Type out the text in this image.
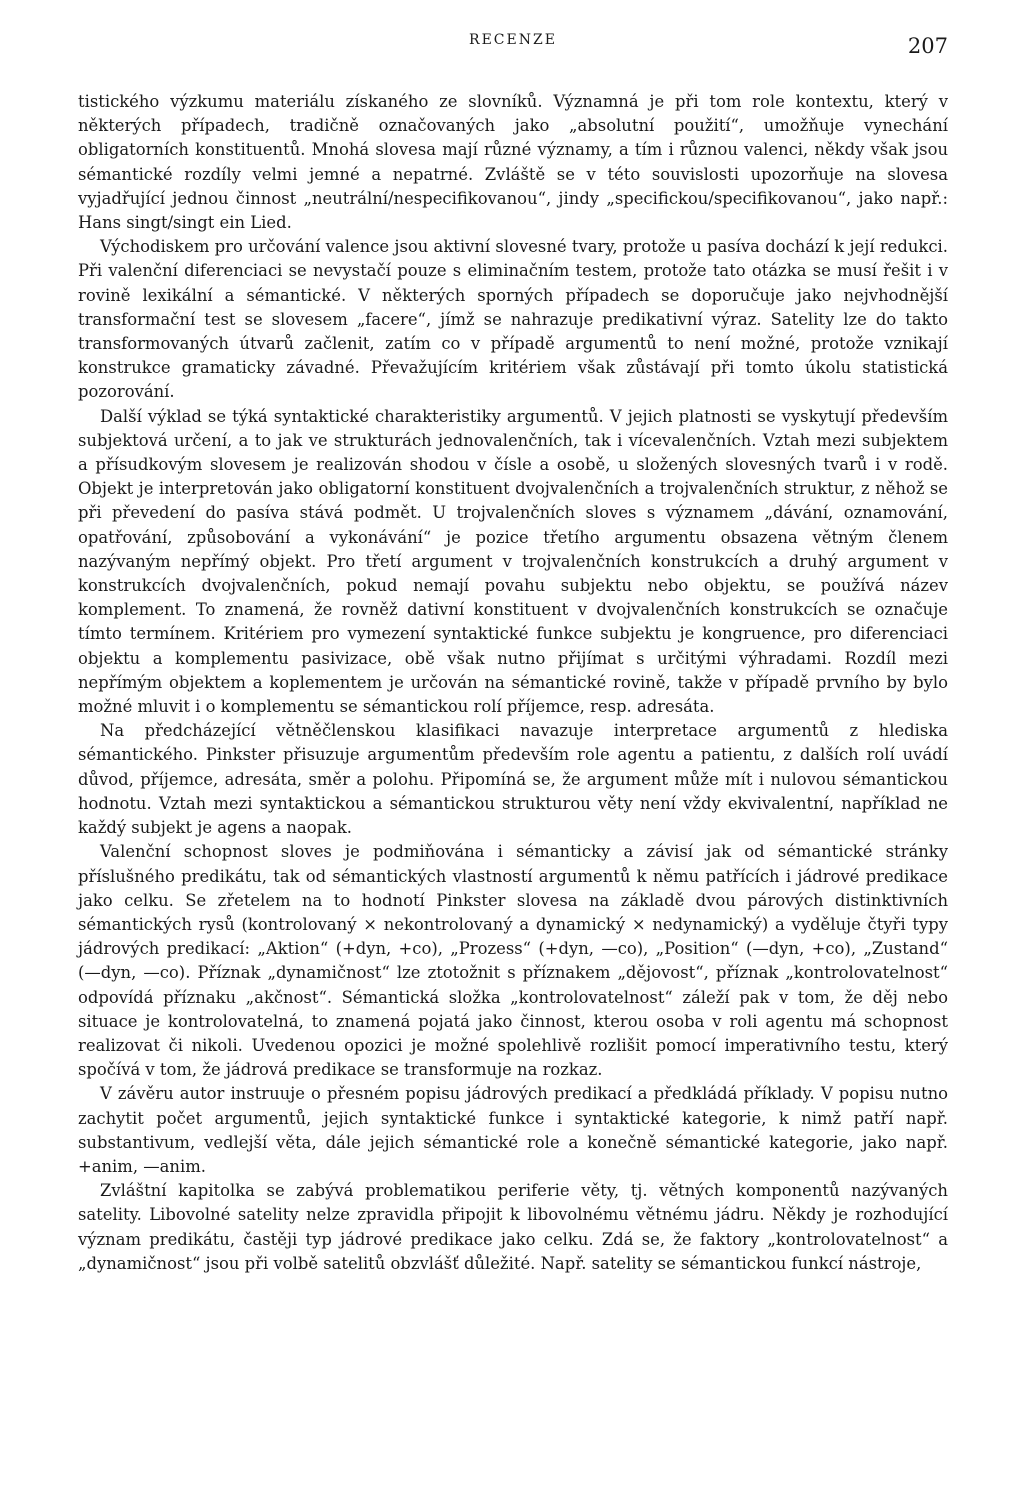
RECENZE	207

tistického výzkumu materiálu získaného ze slovníků. Významná je při tom role kontextu, který v některých případech, tradičně označovaných jako „absolutní použití“, umožňuje vynechání obligatorních konstituentů. Mnohá slovesa mají různé významy, a tím i různou valenci, někdy však jsou sémantické rozdíly velmi jemné a nepatrné. Zvláště se v této souvislosti upozorňuje na slovesa vyjadřující jednou činnost „neutrální/nespecifikovanou“, jindy „specifickou/specifikovanou“, jako např.: Hans singt/singt ein Lied.

Východiskem pro určování valence jsou aktivní slovesné tvary, protože u pasíva dochází k její redukci. Při valenční diferenciaci se nevystačí pouze s eliminačním testem, protože tato otázka se musí řešit i v rovině lexikální a sémantické. V některých sporných případech se doporučuje jako nejvhodnější transformační test se slovesem „facere“, jímž se nahrazuje predikativní výraz. Satelity lze do takto transformovaných útvarů začlenit, zatím co v případě argumentů to není možné, protože vznikají konstrukce gramaticky závadné. Převažujícím kritériem však zůstávají při tomto úkolu statistická pozorování.

Další výklad se týká syntaktické charakteristiky argumentů. V jejich platnosti se vyskytují především subjektová určení, a to jak ve strukturách jednovalenčních, tak i vícevalenčních. Vztah mezi subjektem a přísudkovým slovesem je realizován shodou v čísle a osobě, u složených slovesných tvarů i v rodě. Objekt je interpretován jako obligatorní konstituent dvojvalenčních a trojvalenčních struktur, z něhož se při převedení do pasíva stává podmět. U trojvalenčních sloves s významem „dávání, oznamování, opatřování, způsobování a vykonávání“ je pozice třetího argumentu obsazena větným členem nazývaným nepřímý objekt. Pro třetí argument v trojvalenčních konstrukcích a druhý argument v konstrukcích dvojvalenčních, pokud nemají povahu subjektu nebo objektu, se používá název komplement. To znamená, že rovněž dativní konstituent v dvojvalenčních konstrukcích se označuje tímto termínem. Kritériem pro vymezení syntaktické funkce subjektu je kongruence, pro diferenciaci objektu a komplementu pasivizace, obě však nutno přijímat s určitými výhradami. Rozdíl mezi nepřímým objektem a koplementem je určován na sémantické rovině, takže v případě prvního by bylo možné mluvit i o komplementu se sémantickou rolí příjemce, resp. adresáta.

Na předcházející větněčlenskou klasifikaci navazuje interpretace argumentů z hlediska sémantického. Pinkster přisuzuje argumentům především role agentu a patientu, z dalších rolí uvádí důvod, příjemce, adresáta, směr a polohu. Připomíná se, že argument může mít i nulovou sémantickou hodnotu. Vztah mezi syntaktickou a sémantickou strukturou věty není vždy ekvivalentní, například ne každý subjekt je agens a naopak.

Valenční schopnost sloves je podmiňována i sémanticky a závisí jak od sémantické stránky příslušného predikátu, tak od sémantických vlastností argumentů k němu patřících i jádrové predikace jako celku. Se zřetelem na to hodnotí Pinkster slovesa na základě dvou párových distinktivních sémantických rysů (kontrolovaný × nekontrolovaný a dynamický × nedynamický) a vyděluje čtyři typy jádrových predikací: „Aktion“ (+dyn, +co), „Prozess“ (+dyn, —co), „Position“ (—dyn, +co), „Zustand“ (—dyn, —co). Příznak „dynamičnost“ lze ztotožnit s příznakem „dějovost“, příznak „kontrolovatelnost“ odpovídá příznaku „akčnost“. Sémantická složka „kontrolovatelnost“ záleží pak v tom, že děj nebo situace je kontrolovatelná, to znamená pojatá jako činnost, kterou osoba v roli agentu má schopnost realizovat či nikoli. Uvedenou opozici je možné spolehlivě rozlišit pomocí imperativního testu, který spočívá v tom, že jádrová predikace se transformuje na rozkaz.

V závěru autor instruuje o přesném popisu jádrových predikací a předkládá příklady. V popisu nutno zachytit počet argumentů, jejich syntaktické funkce i syntaktické kategorie, k nimž patří např. substantivum, vedlejší věta, dále jejich sémantické role a konečně sémantické kategorie, jako např. +anim, —anim.

Zvláštní kapitolka se zabývá problematikou periferie věty, tj. větných komponentů nazývaných satelity. Libovolné satelity nelze zpravidla připojit k libovolnému větnému jádru. Někdy je rozhodující význam predikátu, častěji typ jádrové predikace jako celku. Zdá se, že faktory „kontrolovatelnost“ a „dynamičnost“ jsou při volbě satelitů obzvlášť důležité. Např. satelity se sémantickou funkcí nástroje,
